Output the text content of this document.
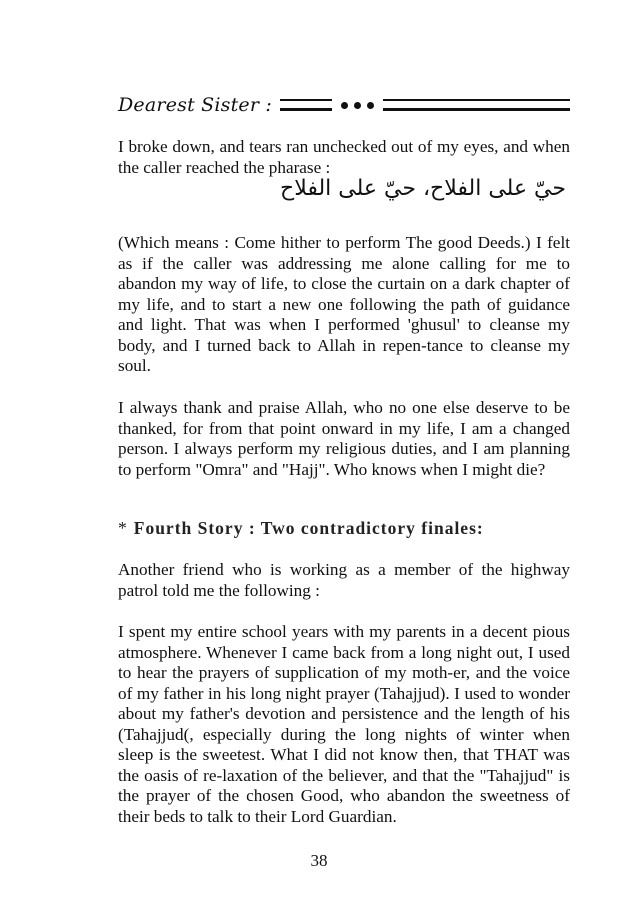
Dearest Sister :

I broke down, and tears ran unchecked out of my eyes, and when the caller reached the pharase :

حيّ على الفلاح، حيّ على الفلاح

(Which means : Come hither to perform The good Deeds.) I felt as if the caller was addressing me alone calling for me to abandon my way of life, to close the curtain on a dark chapter of my life, and to start a new one following the path of guidance and light. That was when I performed 'ghusul' to cleanse my body, and I turned back to Allah in repen-tance to cleanse my soul.

I always thank and praise Allah, who no one else deserve to be thanked, for from that point onward in my life, I am a changed person. I always perform my religious duties, and I am planning to perform "Omra" and "Hajj". Who knows when I might die?

* Fourth Story : Two contradictory finales:

Another friend who is working as a member of the highway patrol told me the following :

I spent my entire school years with my parents in a decent pious atmosphere. Whenever I came back from a long night out, I used to hear the prayers of supplication of my moth-er, and the voice of my father in his long night prayer (Tahajjud). I used to wonder about my father's devotion and persistence and the length of his (Tahajjud(, especially during the long nights of winter when sleep is the sweetest. What I did not know then, that THAT was the oasis of re-laxation of the believer, and that the "Tahajjud" is the prayer of the chosen Good, who abandon the sweetness of their beds to talk to their Lord Guardian.

38
